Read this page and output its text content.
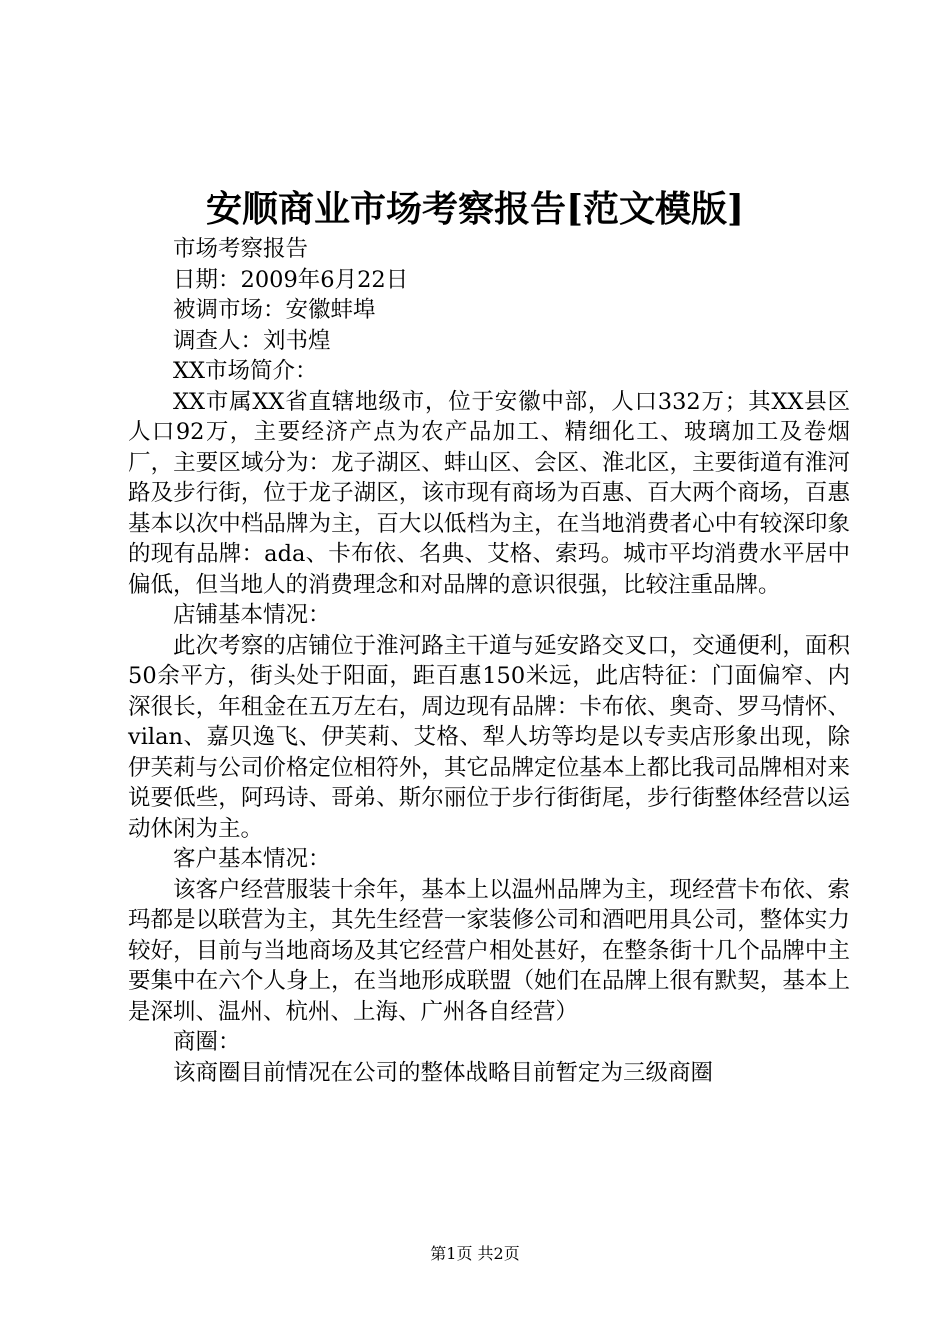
安顺商业市场考察报告[范文模版]

市场考察报告

日期：2009年6月22日

被调市场：安徽蚌埠

调查人：刘书煌

XX市场简介：

XX市属XX省直辖地级市，位于安徽中部，人口332万；其XX县区人口92万，主要经济产点为农产品加工、精细化工、玻璃加工及卷烟厂，主要区域分为：龙子湖区、蚌山区、会区、淮北区，主要街道有淮河路及步行街，位于龙子湖区，该市现有商场为百惠、百大两个商场，百惠基本以次中档品牌为主，百大以低档为主，在当地消费者心中有较深印象的现有品牌：ada、卡布依、名典、艾格、索玛。城市平均消费水平居中偏低，但当地人的消费理念和对品牌的意识很强，比较注重品牌。

店铺基本情况：

此次考察的店铺位于淮河路主干道与延安路交叉口，交通便利，面积50余平方，街头处于阳面，距百惠150米远，此店特征：门面偏窄、内深很长，年租金在五万左右，周边现有品牌：卡布依、奥奇、罗马情怀、vilan、嘉贝逸飞、伊芙莉、艾格、犁人坊等均是以专卖店形象出现，除伊芙莉与公司价格定位相符外，其它品牌定位基本上都比我司品牌相对来说要低些，阿玛诗、哥弟、斯尔丽位于步行街街尾，步行街整体经营以运动休闲为主。

客户基本情况：

该客户经营服装十余年，基本上以温州品牌为主，现经营卡布依、索玛都是以联营为主，其先生经营一家装修公司和酒吧用具公司，整体实力较好，目前与当地商场及其它经营户相处甚好，在整条街十几个品牌中主要集中在六个人身上，在当地形成联盟（她们在品牌上很有默契，基本上是深圳、温州、杭州、上海、广州各自经营）

商圈：

该商圈目前情况在公司的整体战略目前暂定为三级商圈

第1页 共2页
